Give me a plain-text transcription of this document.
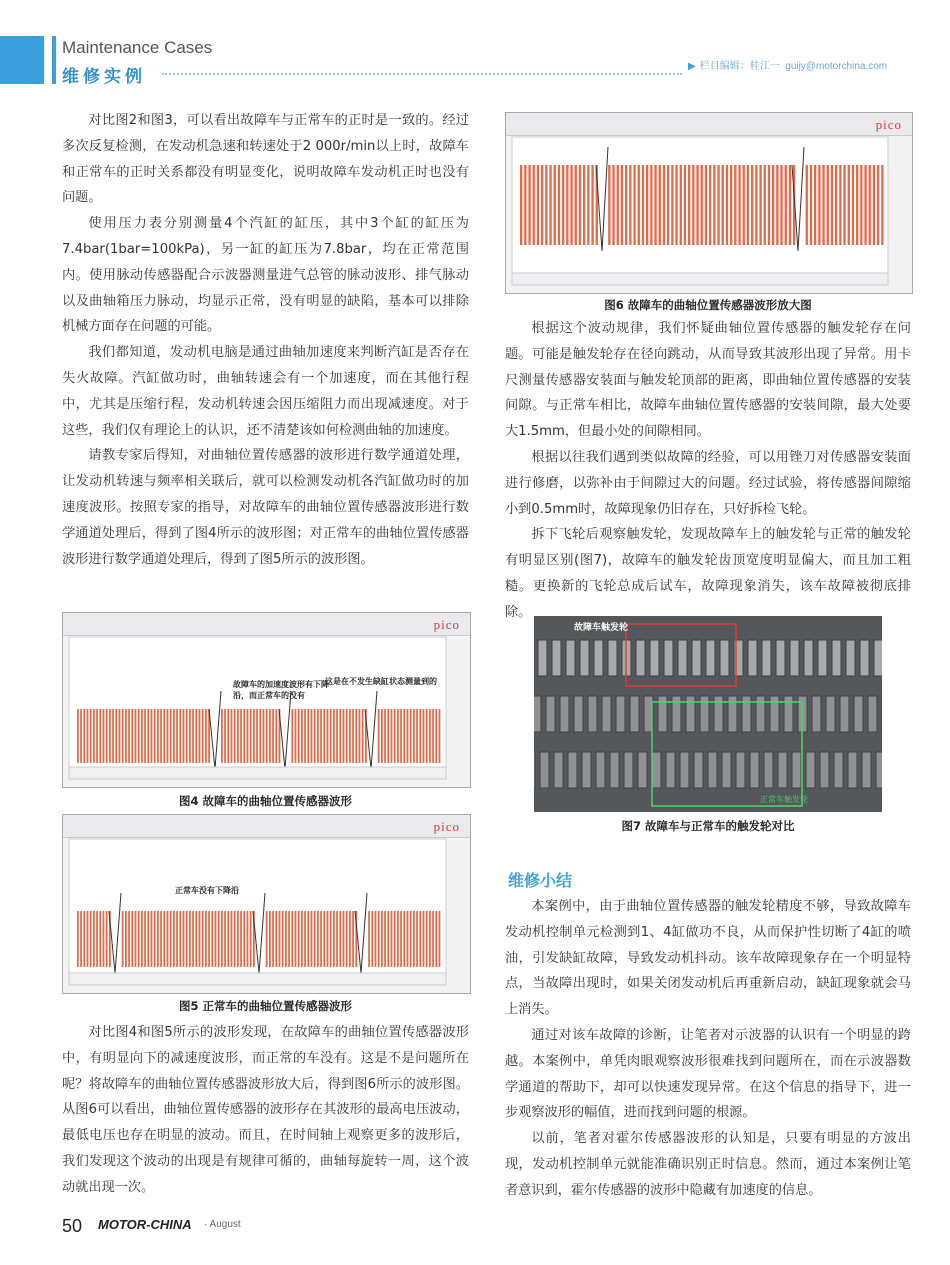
Maintenance Cases
维修实例
▶ 栏目编辑：桂江一 guijy@motorchina.com

对比图2和图3，可以看出故障车与正常车的正时是一致的。经过多次反复检测，在发动机急速和转速处于2 000r/min以上时，故障车和正常车的正时关系都没有明显变化，说明故障车发动机正时也没有问题。

使用压力表分别测量4个汽缸的缸压，其中3个缸的缸压为7.4bar(1bar=100kPa)，另一缸的缸压为7.8bar，均在正常范围内。使用脉动传感器配合示波器测量进气总管的脉动波形、排气脉动以及曲轴箱压力脉动，均显示正常，没有明显的缺陷，基本可以排除机械方面存在问题的可能。

我们都知道，发动机电脑是通过曲轴加速度来判断汽缸是否存在失火故障。汽缸做功时，曲轴转速会有一个加速度，而在其他行程中，尤其是压缩行程，发动机转速会因压缩阻力而出现减速度。对于这些，我们仅有理论上的认识，还不清楚该如何检测曲轴的加速度。

请教专家后得知，对曲轴位置传感器的波形进行数学通道处理，让发动机转速与频率相关联后，就可以检测发动机各汽缸做功时的加速度波形。按照专家的指导，对故障车的曲轴位置传感器波形进行数学通道处理后，得到了图4所示的波形图；对正常车的曲轴位置传感器波形进行数学通道处理后，得到了图5所示的波形图。

pico
故障车的加速度波形有下降沿，而正常车的没有
这是在不发生缺缸状态测量到的
图4 故障车的曲轴位置传感器波形
pico
正常车没有下降沿
图5 正常车的曲轴位置传感器波形

对比图4和图5所示的波形发现，在故障车的曲轴位置传感器波形中，有明显向下的减速度波形，而正常的车没有。这是不是问题所在呢？将故障车的曲轴位置传感器波形放大后，得到图6所示的波形图。从图6可以看出，曲轴位置传感器的波形存在其波形的最高电压波动，最低电压也存在明显的波动。而且，在时间轴上观察更多的波形后，我们发现这个波动的出现是有规律可循的，曲轴每旋转一周，这个波动就出现一次。

pico
图6 故障车的曲轴位置传感器波形放大图

根据这个波动规律，我们怀疑曲轴位置传感器的触发轮存在问题。可能是触发轮存在径向跳动，从而导致其波形出现了异常。用卡尺测量传感器安装面与触发轮顶部的距离，即曲轴位置传感器的安装间隙。与正常车相比，故障车曲轴位置传感器的安装间隙，最大处要大1.5mm，但最小处的间隙相同。

根据以往我们遇到类似故障的经验，可以用锉刀对传感器安装面进行修磨，以弥补由于间隙过大的问题。经过试验，将传感器间隙缩小到0.5mm时，故障现象仍旧存在，只好拆检飞轮。

拆下飞轮后观察触发轮，发现故障车上的触发轮与正常的触发轮有明显区别(图7)，故障车的触发轮齿顶宽度明显偏大，而且加工粗糙。更换新的飞轮总成后试车，故障现象消失，该车故障被彻底排除。

故障车触发轮
正常车触发轮
图7 故障车与正常车的触发轮对比
维修小结

本案例中，由于曲轴位置传感器的触发轮精度不够，导致故障车发动机控制单元检测到1、4缸做功不良，从而保护性切断了4缸的喷油，引发缺缸故障，导致发动机抖动。该车故障现象存在一个明显特点，当故障出现时，如果关闭发动机后再重新启动，缺缸现象就会马上消失。

通过对该车故障的诊断，让笔者对示波器的认识有一个明显的跨越。本案例中，单凭肉眼观察波形很难找到问题所在，而在示波器数学通道的帮助下，却可以快速发现异常。在这个信息的指导下，进一步观察波形的幅值，进而找到问题的根源。

以前，笔者对霍尔传感器波形的认知是，只要有明显的方波出现，发动机控制单元就能准确识别正时信息。然而，通过本案例让笔者意识到，霍尔传感器的波形中隐藏有加速度的信息。

50 MOTOR-CHINA · August
